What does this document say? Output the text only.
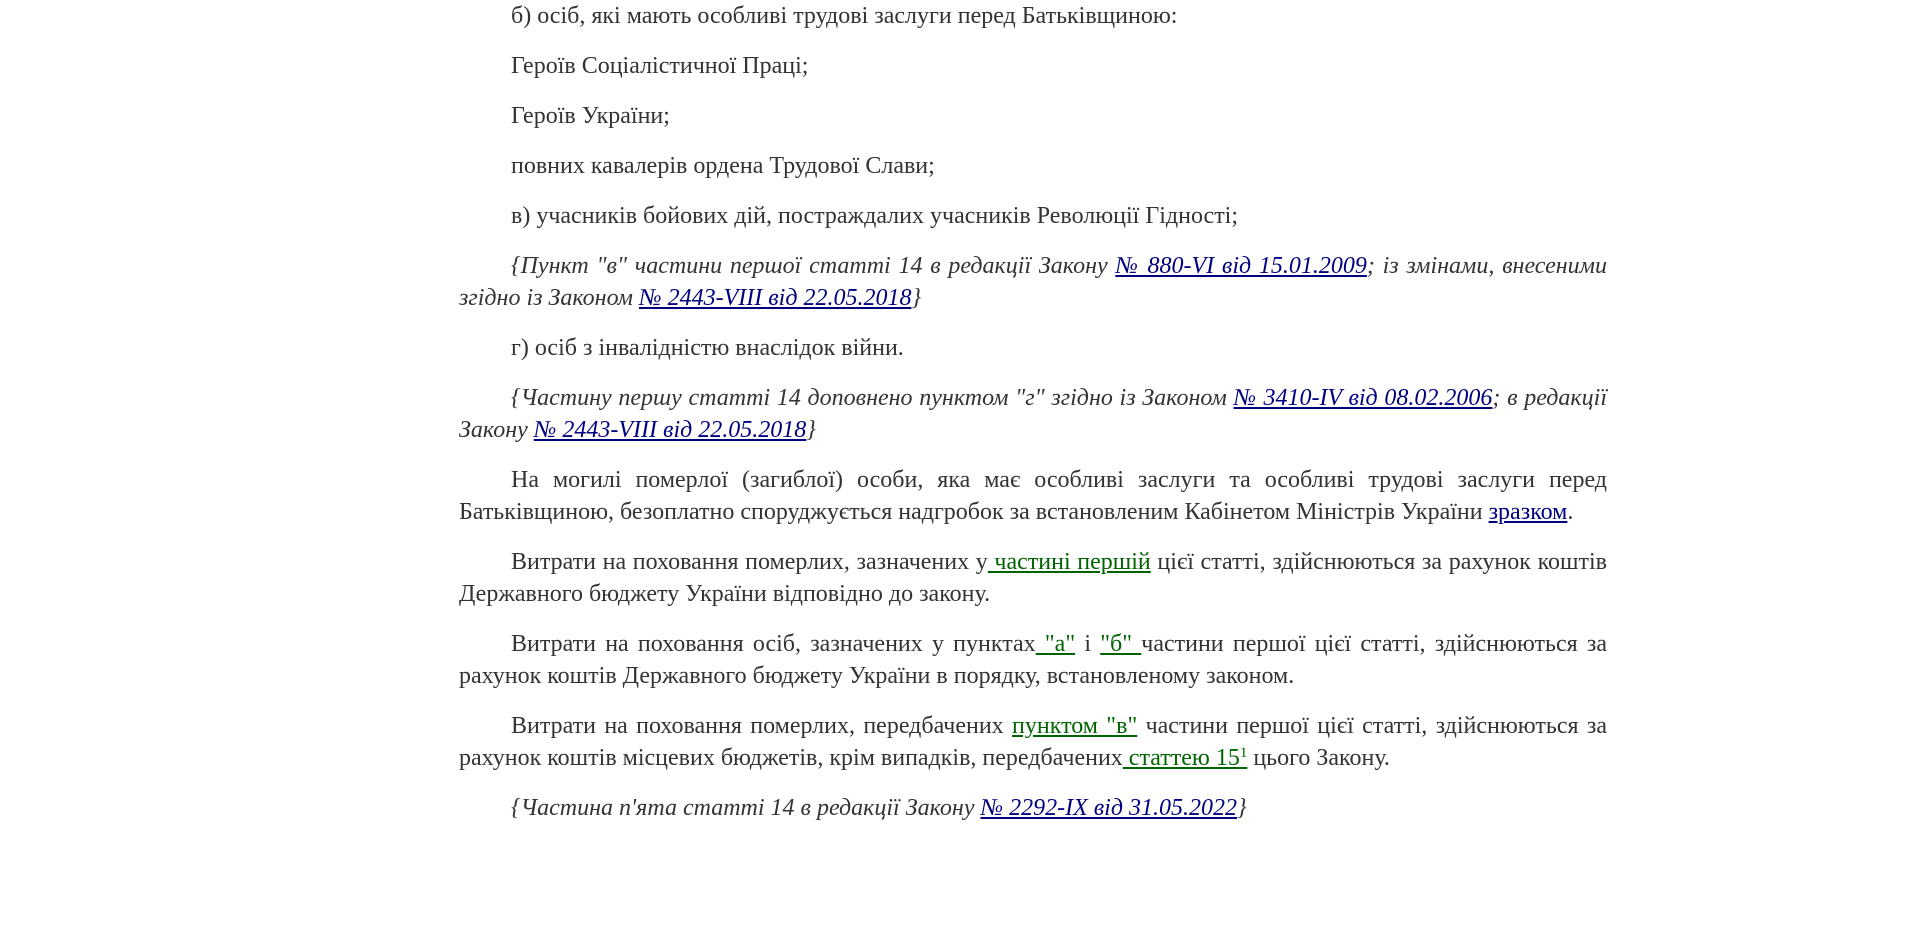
б) осіб, які мають особливі трудові заслуги перед Батьківщиною:

Героїв Соціалістичної Праці;

Героїв України;

повних кавалерів ордена Трудової Слави;

в) учасників бойових дій, постраждалих учасників Революції Гідності;

{Пункт "в" частини першої статті 14 в редакції Закону № 880-VI від 15.01.2009; із змінами, внесеними згідно із Законом № 2443-VIII від 22.05.2018}

г) осіб з інвалідністю внаслідок війни.

{Частину першу статті 14 доповнено пунктом "г" згідно із Законом № 3410-IV від 08.02.2006; в редакції Закону № 2443-VIII від 22.05.2018}

На могилі померлої (загиблої) особи, яка має особливі заслуги та особливі трудові заслуги перед Батьківщиною, безоплатно споруджується надгробок за встановленим Кабінетом Міністрів України зразком.

Витрати на поховання померлих, зазначених у частині першій цієї статті, здійснюються за рахунок коштів Державного бюджету України відповідно до закону.

Витрати на поховання осіб, зазначених у пунктах "а" і "б" частини першої цієї статті, здійснюються за рахунок коштів Державного бюджету України в порядку, встановленому законом.

Витрати на поховання померлих, передбачених пунктом "в" частини першої цієї статті, здійснюються за рахунок коштів місцевих бюджетів, крім випадків, передбачених статтею 15$^1$ цього Закону.

{Частина п'ята статті 14 в редакції Закону № 2292-IX від 31.05.2022}
